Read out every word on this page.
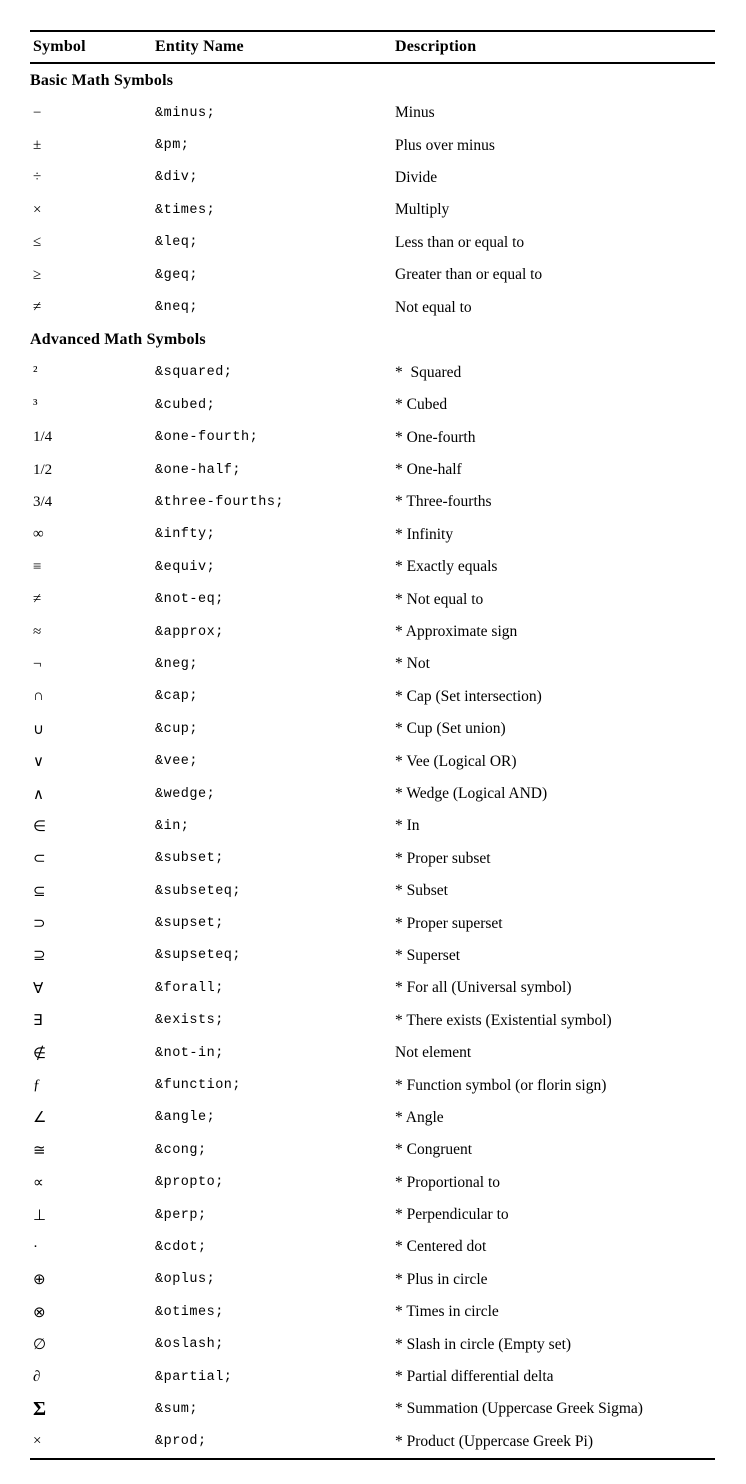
Symbol	Entity Name	Description
Basic Math Symbols
−	&minus;	Minus
±	&pm;	Plus over minus
÷	&div;	Divide
×	&times;	Multiply
≤	&leq;	Less than or equal to
≥	&geq;	Greater than or equal to
≠	&neq;	Not equal to
Advanced Math Symbols
²	&squared;	*  Squared
³	&cubed;	* Cubed
1/4	&one-fourth;	* One-fourth
1/2	&one-half;	* One-half
3/4	&three-fourths;	* Three-fourths
∞	&infty;	* Infinity
≡	&equiv;	* Exactly equals
≠	&not-eq;	* Not equal to
≈	&approx;	* Approximate sign
¬	&neg;	* Not
∩	&cap;	* Cap (Set intersection)
∪	&cup;	* Cup (Set union)
∨	&vee;	* Vee (Logical OR)
∧	&wedge;	* Wedge (Logical AND)
∈	&in;	* In
⊂	&subset;	* Proper subset
⊆	&subseteq;	* Subset
⊃	&supset;	* Proper superset
⊇	&supseteq;	* Superset
∀	&forall;	* For all (Universal symbol)
∃	&exists;	* There exists (Existential symbol)
∉	&not-in;	Not element
ƒ	&function;	* Function symbol (or florin sign)
∠	&angle;	* Angle
≅	&cong;	* Congruent
∝	&propto;	* Proportional to
⊥	&perp;	* Perpendicular to
·	&cdot;	* Centered dot
⊕	&oplus;	* Plus in circle
⊗	&otimes;	* Times in circle
∅	&oslash;	* Slash in circle (Empty set)
∂	&partial;	* Partial differential delta
Σ	&sum;	* Summation (Uppercase Greek Sigma)
×	&prod;	* Product (Uppercase Greek Pi)
